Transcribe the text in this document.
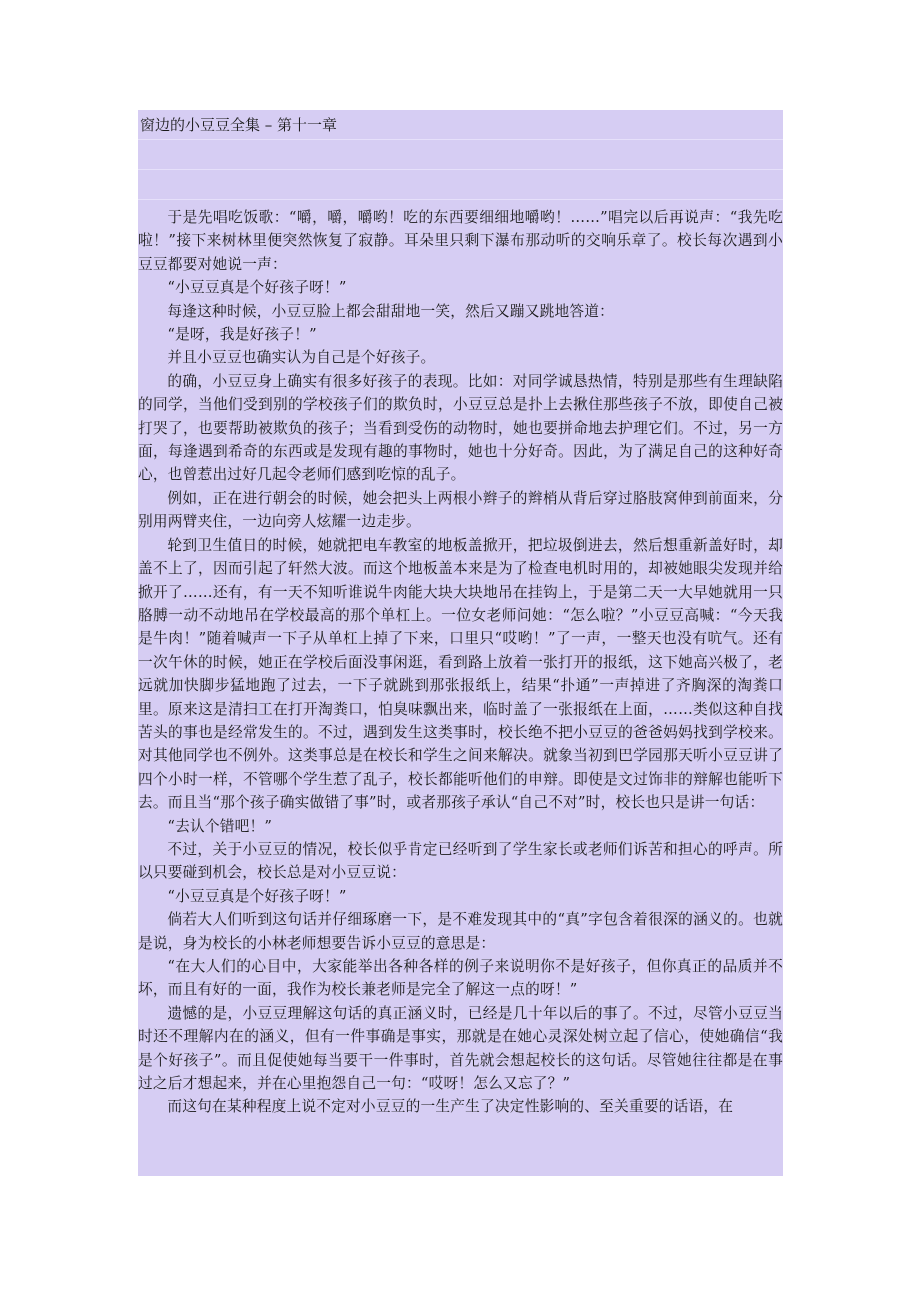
窗边的小豆豆全集 – 第十一章

于是先唱吃饭歌：“嚼，嚼，嚼哟！吃的东西要细细地嚼哟！……”唱完以后再说声：“我先吃啦！”接下来树林里便突然恢复了寂静。耳朵里只剩下瀑布那动听的交响乐章了。校长每次遇到小豆豆都要对她说一声：

“小豆豆真是个好孩子呀！”

每逢这种时候，小豆豆脸上都会甜甜地一笑，然后又蹦又跳地答道：

“是呀，我是好孩子！”

并且小豆豆也确实认为自己是个好孩子。

的确，小豆豆身上确实有很多好孩子的表现。比如：对同学诚恳热情，特别是那些有生理缺陷的同学，当他们受到别的学校孩子们的欺负时，小豆豆总是扑上去揪住那些孩子不放，即使自己被打哭了，也要帮助被欺负的孩子；当看到受伤的动物时，她也要拼命地去护理它们。不过，另一方面，每逢遇到希奇的东西或是发现有趣的事物时，她也十分好奇。因此，为了满足自己的这种好奇心，也曾惹出过好几起令老师们感到吃惊的乱子。

例如，正在进行朝会的时候，她会把头上两根小辫子的辫梢从背后穿过胳肢窝伸到前面来，分别用两臂夹住，一边向旁人炫耀一边走步。

轮到卫生值日的时候，她就把电车教室的地板盖掀开，把垃圾倒进去，然后想重新盖好时，却盖不上了，因而引起了轩然大波。而这个地板盖本来是为了检查电机时用的，却被她眼尖发现并给掀开了……还有，有一天不知听谁说牛肉能大块大块地吊在挂钩上，于是第二天一大早她就用一只胳膊一动不动地吊在学校最高的那个单杠上。一位女老师问她：“怎么啦？”小豆豆高喊：“今天我是牛肉！”随着喊声一下子从单杠上掉了下来，口里只“哎哟！”了一声，一整天也没有吭气。还有一次午休的时候，她正在学校后面没事闲逛，看到路上放着一张打开的报纸，这下她高兴极了，老远就加快脚步猛地跑了过去，一下子就跳到那张报纸上，结果“扑通”一声掉进了齐胸深的淘粪口里。原来这是清扫工在打开淘粪口，怕臭味飘出来，临时盖了一张报纸在上面，……类似这种自找苦头的事也是经常发生的。不过，遇到发生这类事时，校长绝不把小豆豆的爸爸妈妈找到学校来。对其他同学也不例外。这类事总是在校长和学生之间来解决。就象当初到巴学园那天听小豆豆讲了四个小时一样，不管哪个学生惹了乱子，校长都能听他们的申辩。即使是文过饰非的辩解也能听下去。而且当“那个孩子确实做错了事”时，或者那孩子承认“自己不对”时，校长也只是讲一句话：

“去认个错吧！”

不过，关于小豆豆的情况，校长似乎肯定已经听到了学生家长或老师们诉苦和担心的呼声。所以只要碰到机会，校长总是对小豆豆说：

“小豆豆真是个好孩子呀！”

倘若大人们听到这句话并仔细琢磨一下，是不难发现其中的“真”字包含着很深的涵义的。也就是说，身为校长的小林老师想要告诉小豆豆的意思是：

“在大人们的心目中，大家能举出各种各样的例子来说明你不是好孩子，但你真正的品质并不坏，而且有好的一面，我作为校长兼老师是完全了解这一点的呀！”

遗憾的是，小豆豆理解这句话的真正涵义时，已经是几十年以后的事了。不过，尽管小豆豆当时还不理解内在的涵义，但有一件事确是事实，那就是在她心灵深处树立起了信心，使她确信“我是个好孩子”。而且促使她每当要干一件事时，首先就会想起校长的这句话。尽管她往往都是在事过之后才想起来，并在心里抱怨自己一句：“哎呀！怎么又忘了？”

而这句在某种程度上说不定对小豆豆的一生产生了决定性影响的、至关重要的话语，在
